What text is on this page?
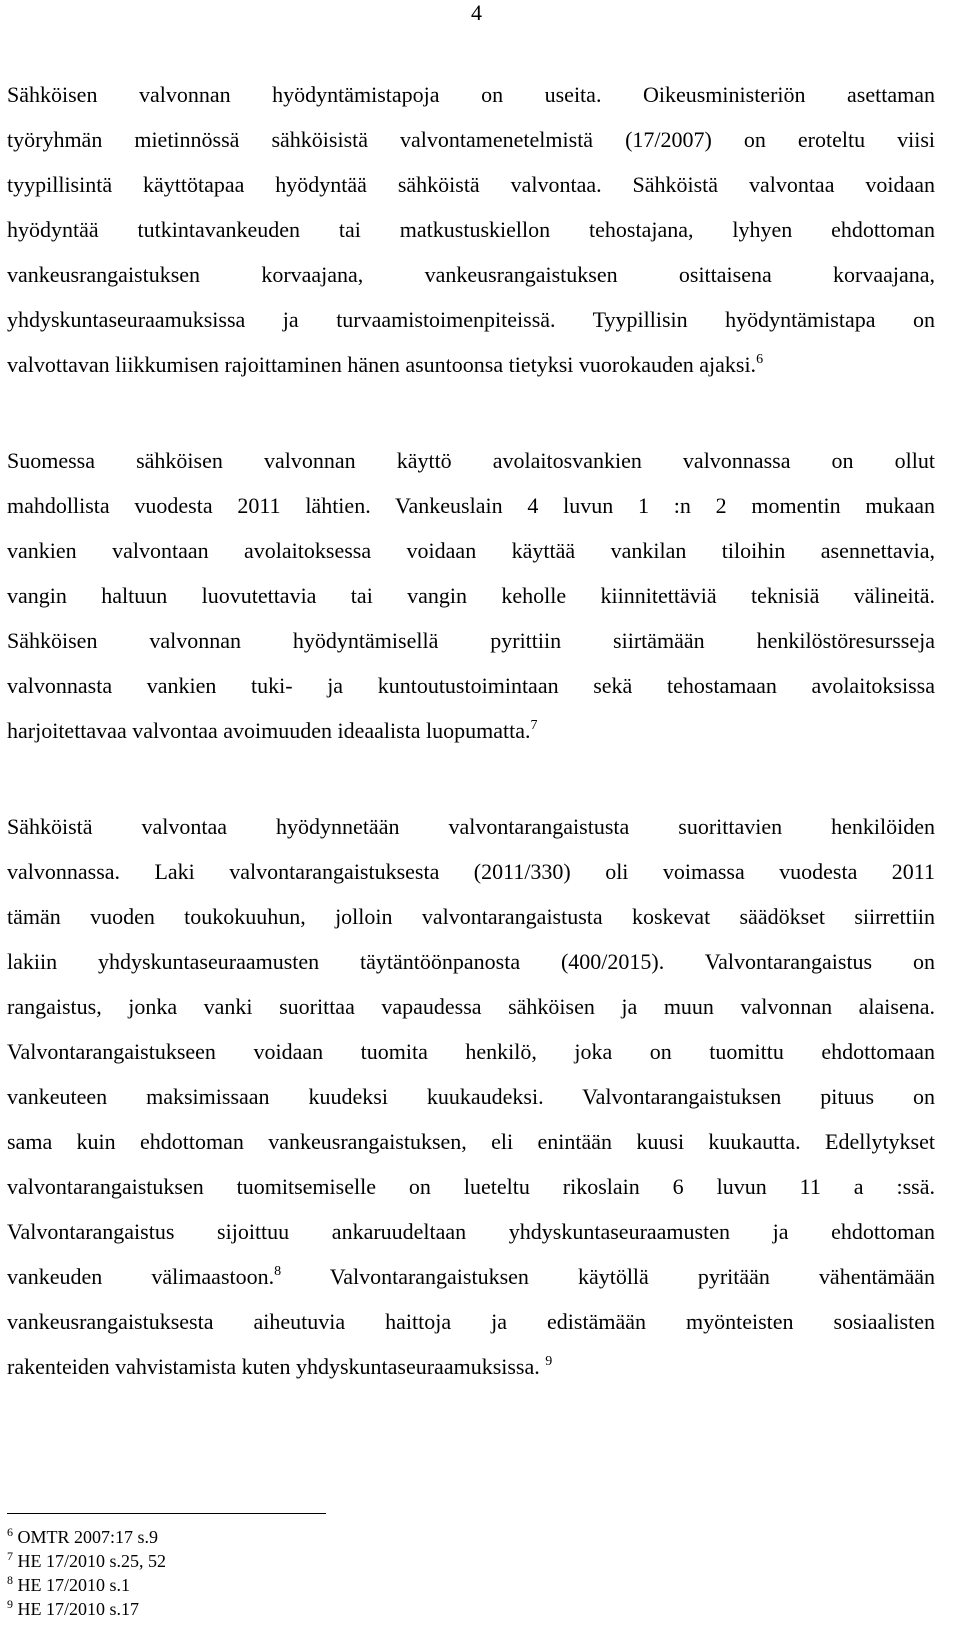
4
Sähköisen valvonnan hyödyntämistapoja on useita. Oikeusministeriön asettaman
työryhmän mietinnössä sähköisistä valvontamenetelmistä (17/2007) on eroteltu viisi
tyypillisintä käyttötapaa hyödyntää sähköistä valvontaa. Sähköistä valvontaa voidaan
hyödyntää tutkintavankeuden tai matkustuskiellon tehostajana, lyhyen ehdottoman
vankeusrangaistuksen korvaajana, vankeusrangaistuksen osittaisena korvaajana,
yhdyskuntaseuraamuksissa ja turvaamistoimenpiteissä. Tyypillisin hyödyntämistapa on
valvottavan liikkumisen rajoittaminen hänen asuntoonsa tietyksi vuorokauden ajaksi.$^6$
Suomessa sähköisen valvonnan käyttö avolaitosvankien valvonnassa on ollut
mahdollista vuodesta 2011 lähtien. Vankeuslain 4 luvun 1 :n 2 momentin mukaan
vankien valvontaan avolaitoksessa voidaan käyttää vankilan tiloihin asennettavia,
vangin haltuun luovutettavia tai vangin keholle kiinnitettäviä teknisiä välineitä.
Sähköisen valvonnan hyödyntämisellä pyrittiin siirtämään henkilöstöresursseja
valvonnasta vankien tuki- ja kuntoutustoimintaan sekä tehostamaan avolaitoksissa
harjoitettavaa valvontaa avoimuuden ideaalista luopumatta.$^7$
Sähköistä valvontaa hyödynnetään valvontarangaistusta suorittavien henkilöiden
valvonnassa. Laki valvontarangaistuksesta (2011/330) oli voimassa vuodesta 2011
tämän vuoden toukokuuhun, jolloin valvontarangaistusta koskevat säädökset siirrettiin
lakiin yhdyskuntaseuraamusten täytäntöönpanosta (400/2015). Valvontarangaistus on
rangaistus, jonka vanki suorittaa vapaudessa sähköisen ja muun valvonnan alaisena.
Valvontarangaistukseen voidaan tuomita henkilö, joka on tuomittu ehdottomaan
vankeuteen maksimissaan kuudeksi kuukaudeksi. Valvontarangaistuksen pituus on
sama kuin ehdottoman vankeusrangaistuksen, eli enintään kuusi kuukautta. Edellytykset
valvontarangaistuksen tuomitsemiselle on lueteltu rikoslain 6 luvun 11 a :ssä.
Valvontarangaistus sijoittuu ankaruudeltaan yhdyskuntaseuraamusten ja ehdottoman
vankeuden välimaastoon.$^8$ Valvontarangaistuksen käytöllä pyritään vähentämään
vankeusrangaistuksesta aiheutuvia haittoja ja edistämään myönteisten sosiaalisten
rakenteiden vahvistamista kuten yhdyskuntaseuraamuksissa. $^9$
$^6$ OMTR 2007:17 s.9
$^7$ HE 17/2010 s.25, 52
$^8$ HE 17/2010 s.1
$^9$ HE 17/2010 s.17
